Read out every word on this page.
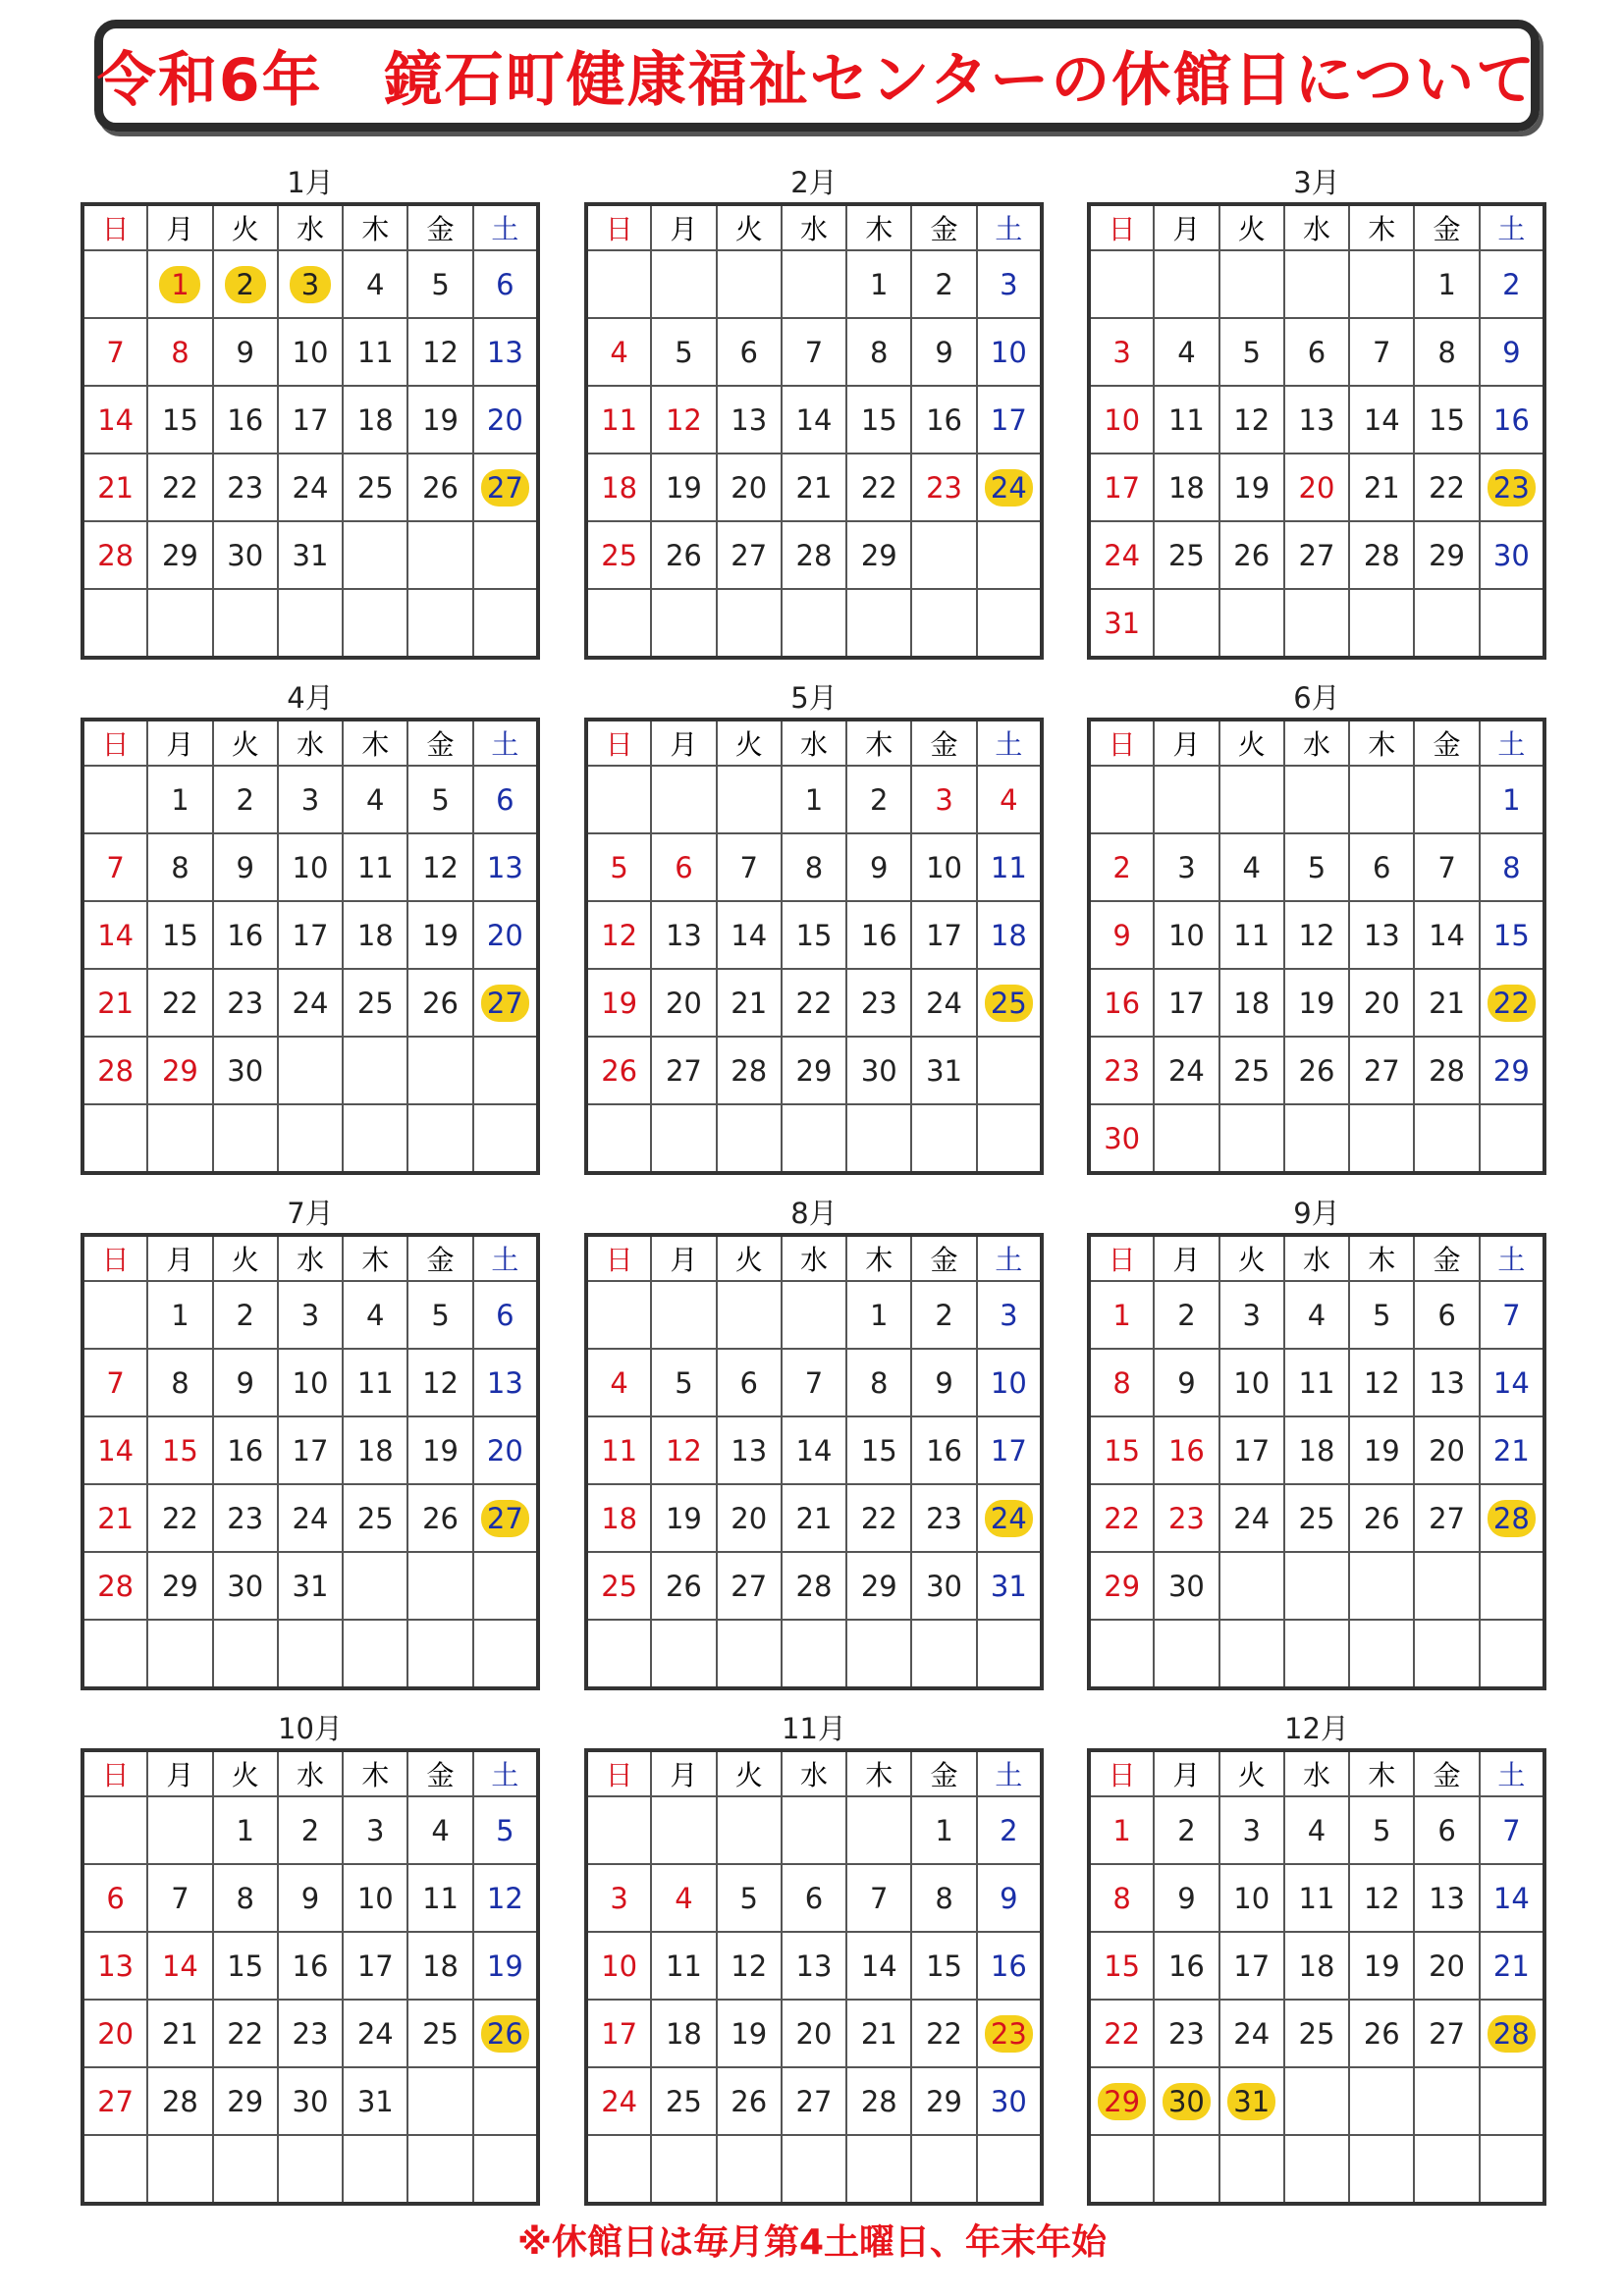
令和6年　鏡石町健康福祉センターの休館日について
1月
日	月	火	水	木	金	土
	1	2	3	4	5	6
7	8	9	10	11	12	13
14	15	16	17	18	19	20
21	22	23	24	25	26	27
28	29	30	31			

2月
日	月	火	水	木	金	土
				1	2	3
4	5	6	7	8	9	10
11	12	13	14	15	16	17
18	19	20	21	22	23	24
25	26	27	28	29		

3月
日	月	火	水	木	金	土
					1	2
3	4	5	6	7	8	9
10	11	12	13	14	15	16
17	18	19	20	21	22	23
24	25	26	27	28	29	30
31						
4月
日	月	火	水	木	金	土
	1	2	3	4	5	6
7	8	9	10	11	12	13
14	15	16	17	18	19	20
21	22	23	24	25	26	27
28	29	30				

5月
日	月	火	水	木	金	土
			1	2	3	4
5	6	7	8	9	10	11
12	13	14	15	16	17	18
19	20	21	22	23	24	25
26	27	28	29	30	31	

6月
日	月	火	水	木	金	土
						1
2	3	4	5	6	7	8
9	10	11	12	13	14	15
16	17	18	19	20	21	22
23	24	25	26	27	28	29
30						
7月
日	月	火	水	木	金	土
	1	2	3	4	5	6
7	8	9	10	11	12	13
14	15	16	17	18	19	20
21	22	23	24	25	26	27
28	29	30	31			

8月
日	月	火	水	木	金	土
				1	2	3
4	5	6	7	8	9	10
11	12	13	14	15	16	17
18	19	20	21	22	23	24
25	26	27	28	29	30	31

9月
日	月	火	水	木	金	土
1	2	3	4	5	6	7
8	9	10	11	12	13	14
15	16	17	18	19	20	21
22	23	24	25	26	27	28
29	30					

10月
日	月	火	水	木	金	土
		1	2	3	4	5
6	7	8	9	10	11	12
13	14	15	16	17	18	19
20	21	22	23	24	25	26
27	28	29	30	31		

11月
日	月	火	水	木	金	土
					1	2
3	4	5	6	7	8	9
10	11	12	13	14	15	16
17	18	19	20	21	22	23
24	25	26	27	28	29	30

12月
日	月	火	水	木	金	土
1	2	3	4	5	6	7
8	9	10	11	12	13	14
15	16	17	18	19	20	21
22	23	24	25	26	27	28
29	30	31				

※休館日は毎月第4土曜日、年末年始
